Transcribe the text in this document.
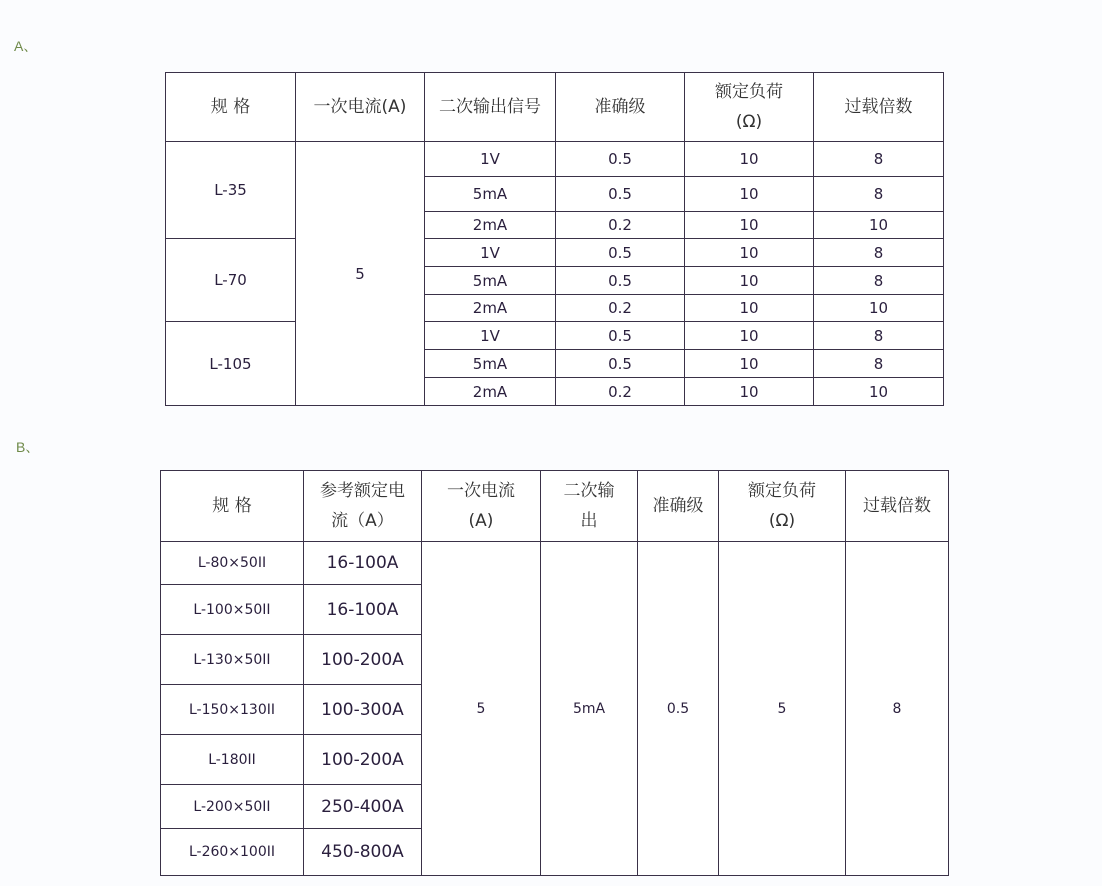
A、
规 格	一次电流(A)	二次输出信号	准确级	额定负荷(Ω)	过载倍数
L-35	5	1V	0.5	10	8
		5mA	0.5	10	8
		2mA	0.2	10	10
L-70		1V	0.5	10	8
		5mA	0.5	10	8
		2mA	0.2	10	10
L-105		1V	0.5	10	8
		5mA	0.5	10	8
		2mA	0.2	10	10
B、
规 格	参考额定电流（A）	一次电流(A)	二次输出	准确级	额定负荷(Ω)	过载倍数
L-80×50II	16-100A	5	5mA	0.5	5	8
L-100×50II	16-100A					
L-130×50II	100-200A					
L-150×130II	100-300A					
L-180II	100-200A					
L-200×50II	250-400A					
L-260×100II	450-800A					
